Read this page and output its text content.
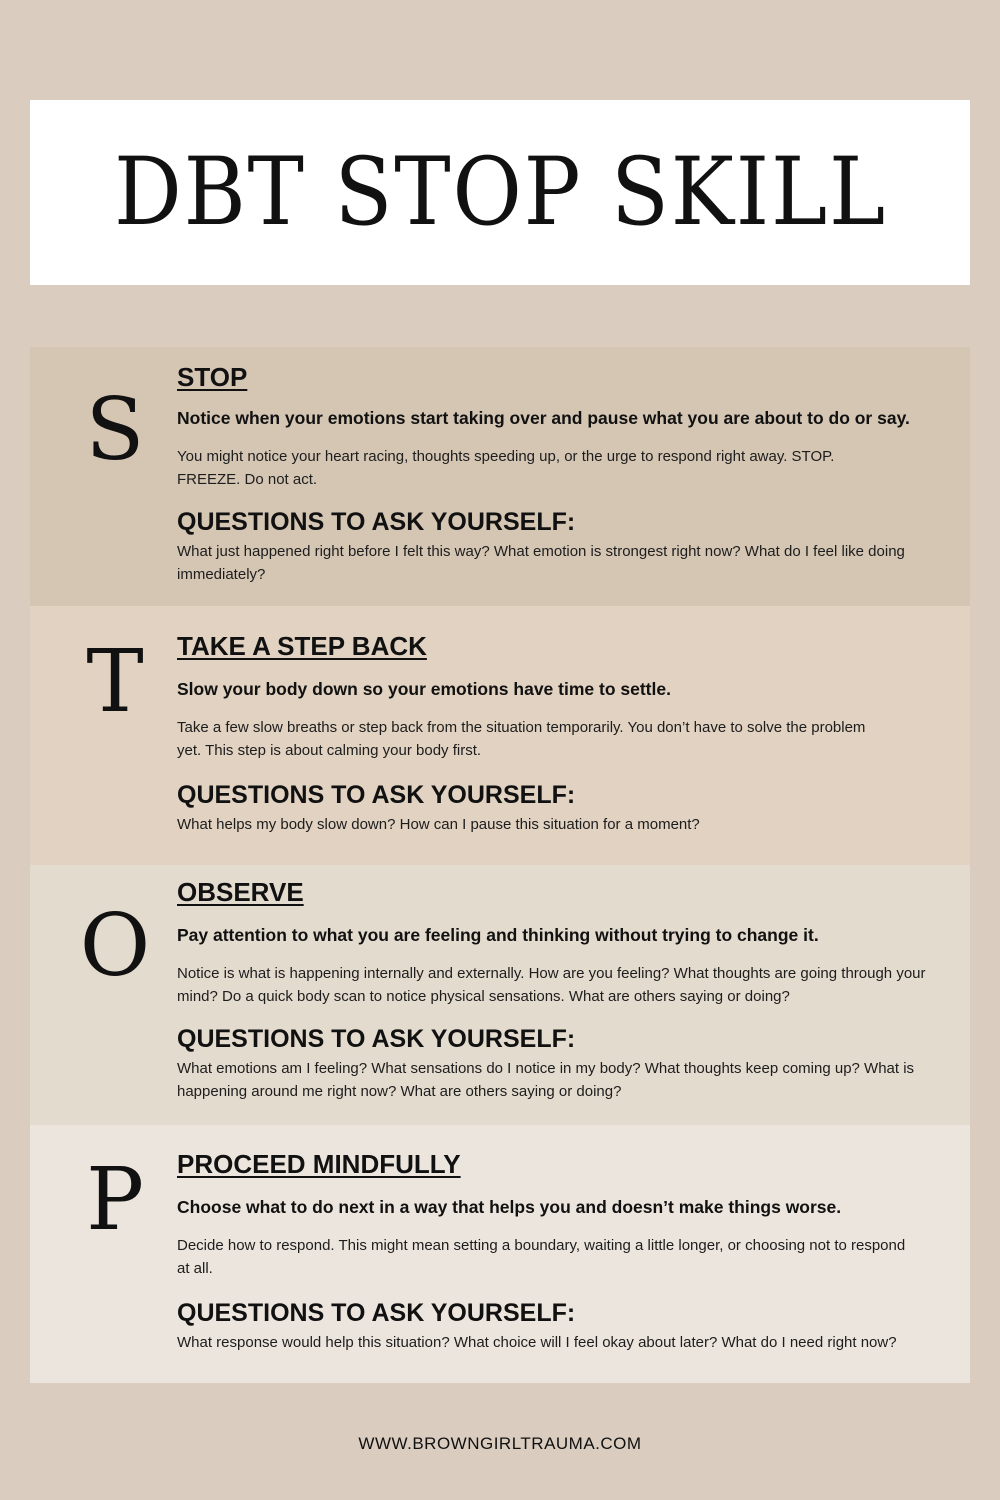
DBT STOP SKILL
S

STOP

Notice when your emotions start taking over and pause what you are about to do or say.

You might notice your heart racing, thoughts speeding up, or the urge to respond right away. STOP. FREEZE. Do not act.

QUESTIONS TO ASK YOURSELF:

What just happened right before I felt this way? What emotion is strongest right now? What do I feel like doing immediately?

T	TAKE A STEP BACK

Slow your body down so your emotions have time to settle.

Take a few slow breaths or step back from the situation temporarily. You don’t have to solve the problem yet. This step is about calming your body first.

QUESTIONS TO ASK YOURSELF:

What helps my body slow down? How can I pause this situation for a moment?

O

OBSERVE

Pay attention to what you are feeling and thinking without trying to change it.

Notice is what is happening internally and externally. How are you feeling? What thoughts are going through your mind? Do a quick body scan to notice physical sensations. What are others saying or doing?

QUESTIONS TO ASK YOURSELF:

What emotions am I feeling? What sensations do I notice in my body? What thoughts keep coming up? What is happening around me right now? What are others saying or doing?

P	PROCEED MINDFULLY

Choose what to do next in a way that helps you and doesn’t make things worse.

Decide how to respond. This might mean setting a boundary, waiting a little longer, or choosing not to respond at all.

QUESTIONS TO ASK YOURSELF:

What response would help this situation? What choice will I feel okay about later? What do I need right now?

WWW.BROWNGIRLTRAUMA.COM
